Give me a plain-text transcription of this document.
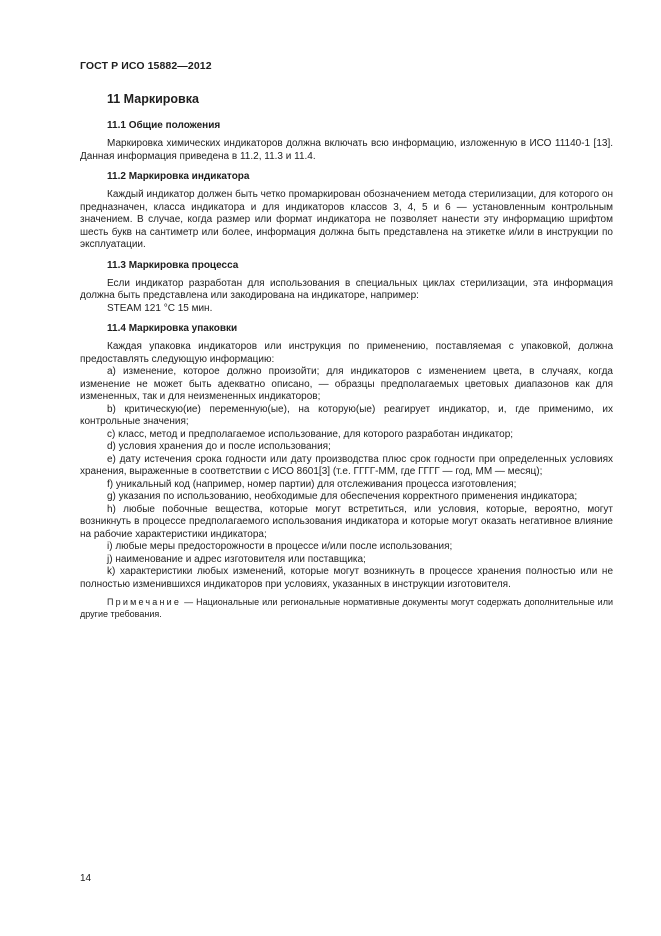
ГОСТ Р ИСО 15882—2012
11 Маркировка
11.1 Общие положения

Маркировка химических индикаторов должна включать всю информацию, изложенную в ИСО 11140-1 [13]. Данная информация приведена в 11.2, 11.3 и 11.4.

11.2 Маркировка индикатора

Каждый индикатор должен быть четко промаркирован обозначением метода стерилизации, для которого он предназначен, класса индикатора и для индикаторов классов 3, 4, 5 и 6 — установленным контрольным значением. В случае, когда размер или формат индикатора не позволяет нанести эту информацию шрифтом шесть букв на сантиметр или более, информация должна быть представлена на этикетке и/или в инструкции по эксплуатации.

11.3 Маркировка процесса

Если индикатор разработан для использования в специальных циклах стерилизации, эта информация должна быть представлена или закодирована на индикаторе, например:

STEAM 121 °С 15 мин.

11.4 Маркировка упаковки

Каждая упаковка индикаторов или инструкция по применению, поставляемая с упаковкой, должна предоставлять следующую информацию:

a) изменение, которое должно произойти; для индикаторов с изменением цвета, в случаях, когда изменение не может быть адекватно описано, — образцы предполагаемых цветовых диапазонов как для измененных, так и для неизмененных индикаторов;

b) критическую(ие) переменную(ые), на которую(ые) реагирует индикатор, и, где применимо, их контрольные значения;

c) класс, метод и предполагаемое использование, для которого разработан индикатор;

d) условия хранения до и после использования;

e) дату истечения срока годности или дату производства плюс срок годности при определенных условиях хранения, выраженные в соответствии с ИСО 8601[3] (т.е. ГГГГ-ММ, где ГГГГ — год, ММ — месяц);

f) уникальный код (например, номер партии) для отслеживания процесса изготовления;

g) указания по использованию, необходимые для обеспечения корректного применения индикатора;

h) любые побочные вещества, которые могут встретиться, или условия, которые, вероятно, могут возникнуть в процессе предполагаемого использования индикатора и которые могут оказать негативное влияние на рабочие характеристики индикатора;

i) любые меры предосторожности в процессе и/или после использования;

j) наименование и адрес изготовителя или поставщика;

k) характеристики любых изменений, которые могут возникнуть в процессе хранения полностью или не полностью изменившихся индикаторов при условиях, указанных в инструкции изготовителя.

Примечание — Национальные или региональные нормативные документы могут содержать дополнительные или другие требования.
14
